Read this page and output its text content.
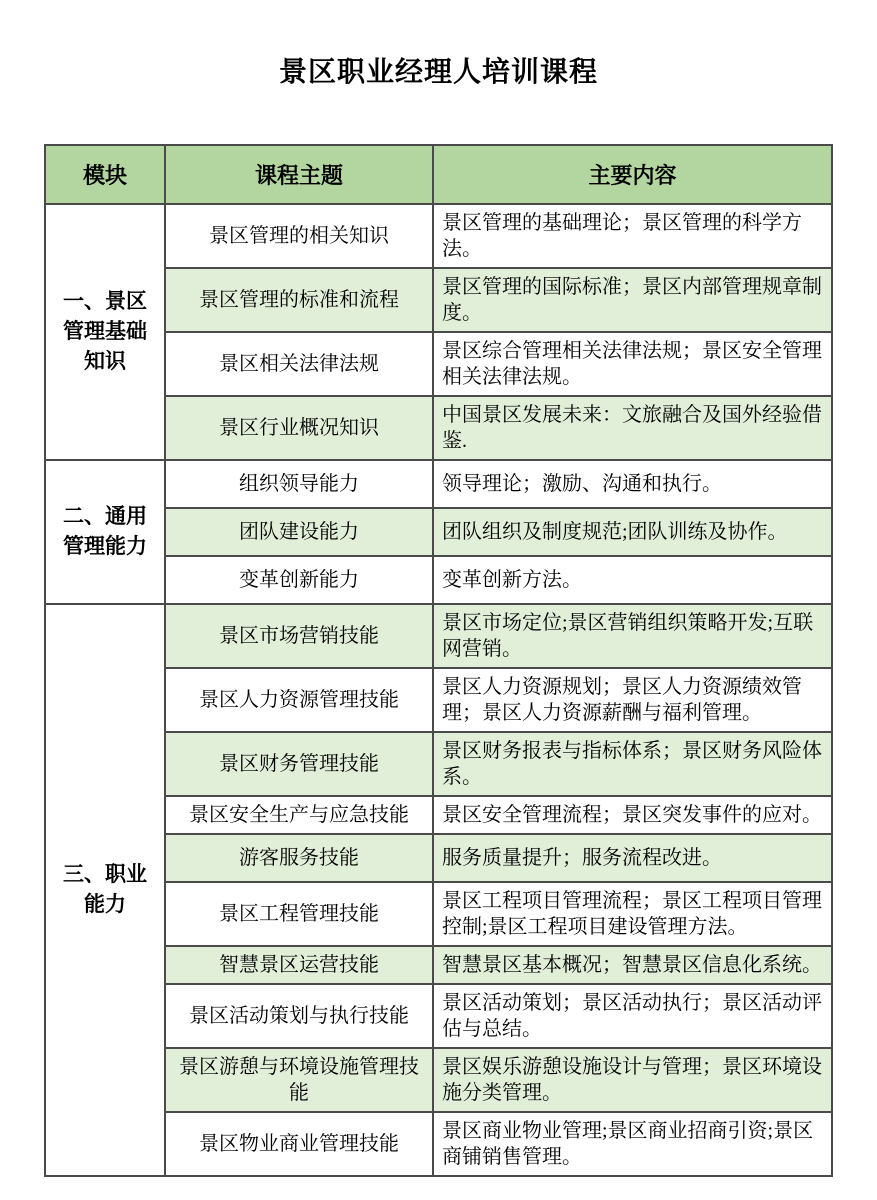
景区职业经理人培训课程
模块	课程主题	主要内容
一、景区管理基础知识	景区管理的相关知识	景区管理的基础理论；景区管理的科学方法。
	景区管理的标准和流程	景区管理的国际标准；景区内部管理规章制度。
	景区相关法律法规	景区综合管理相关法律法规；景区安全管理相关法律法规。
	景区行业概况知识	中国景区发展未来：文旅融合及国外经验借鉴.
二、通用管理能力	组织领导能力	领导理论；激励、沟通和执行。
	团队建设能力	团队组织及制度规范;团队训练及协作。
	变革创新能力	变革创新方法。
三、职业能力	景区市场营销技能	景区市场定位;景区营销组织策略开发;互联网营销。
	景区人力资源管理技能	景区人力资源规划；景区人力资源绩效管理；景区人力资源薪酬与福利管理。
	景区财务管理技能	景区财务报表与指标体系；景区财务风险体系。
	景区安全生产与应急技能	景区安全管理流程；景区突发事件的应对。
	游客服务技能	服务质量提升；服务流程改进。
	景区工程管理技能	景区工程项目管理流程；景区工程项目管理控制;景区工程项目建设管理方法。
	智慧景区运营技能	智慧景区基本概况；智慧景区信息化系统。
	景区活动策划与执行技能	景区活动策划；景区活动执行；景区活动评估与总结。
	景区游憩与环境设施管理技能	景区娱乐游憩设施设计与管理；景区环境设施分类管理。
	景区物业商业管理技能	景区商业物业管理;景区商业招商引资;景区商铺销售管理。
